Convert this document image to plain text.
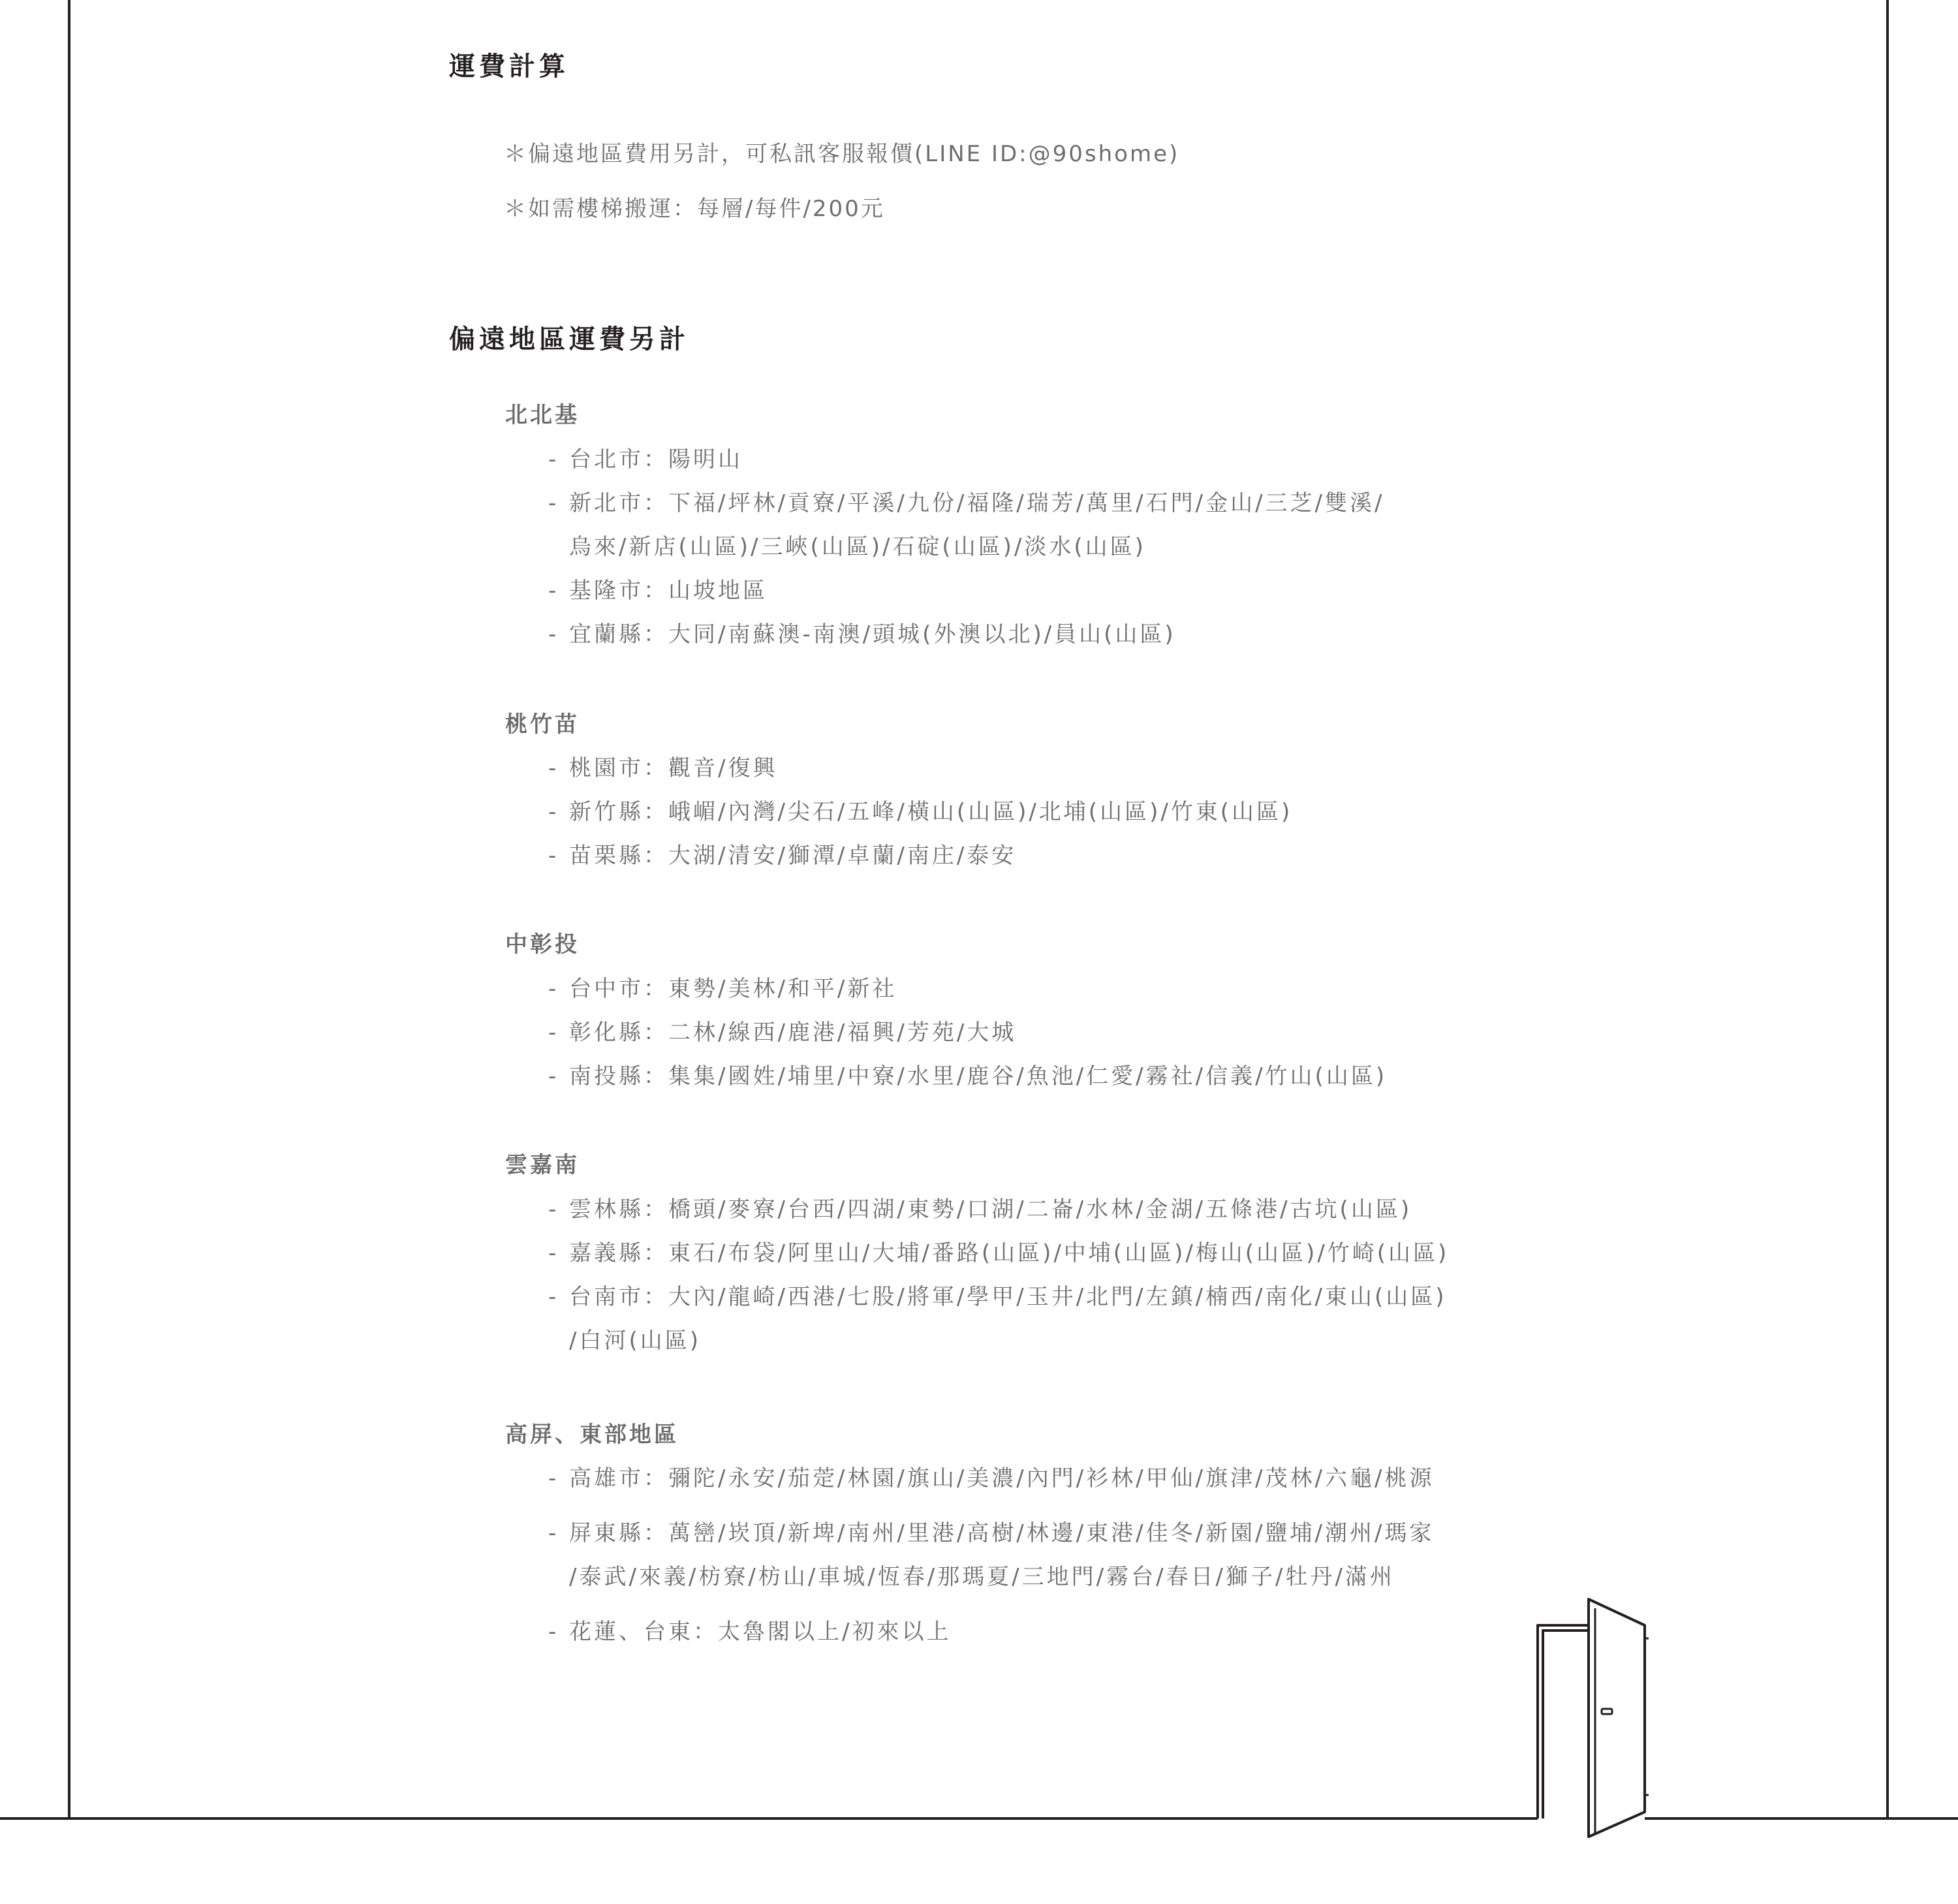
運費計算
＊偏遠地區費用另計，可私訊客服報價(LINE ID:@90shome)
＊如需樓梯搬運：每層/每件/200元
偏遠地區運費另計
北北基
- 台北市：陽明山
- 新北市：下福/坪林/貢寮/平溪/九份/福隆/瑞芳/萬里/石門/金山/三芝/雙溪/
烏來/新店(山區)/三峽(山區)/石碇(山區)/淡水(山區)
- 基隆市：山坡地區
- 宜蘭縣：大同/南蘇澳-南澳/頭城(外澳以北)/員山(山區)
桃竹苗
- 桃園市：觀音/復興
- 新竹縣：峨嵋/內灣/尖石/五峰/橫山(山區)/北埔(山區)/竹東(山區)
- 苗栗縣：大湖/清安/獅潭/卓蘭/南庄/泰安
中彰投
- 台中市：東勢/美林/和平/新社
- 彰化縣：二林/線西/鹿港/福興/芳苑/大城
- 南投縣：集集/國姓/埔里/中寮/水里/鹿谷/魚池/仁愛/霧社/信義/竹山(山區)
雲嘉南
- 雲林縣：橋頭/麥寮/台西/四湖/東勢/口湖/二崙/水林/金湖/五條港/古坑(山區)
- 嘉義縣：東石/布袋/阿里山/大埔/番路(山區)/中埔(山區)/梅山(山區)/竹崎(山區)
- 台南市：大內/龍崎/西港/七股/將軍/學甲/玉井/北門/左鎮/楠西/南化/東山(山區)
/白河(山區)
高屏、東部地區
- 高雄市：彌陀/永安/茄萣/林園/旗山/美濃/內門/衫林/甲仙/旗津/茂林/六龜/桃源
- 屏東縣：萬巒/崁頂/新埤/南州/里港/高樹/林邊/東港/佳冬/新園/鹽埔/潮州/瑪家
/泰武/來義/枋寮/枋山/車城/恆春/那瑪夏/三地門/霧台/春日/獅子/牡丹/滿州
- 花蓮、台東：太魯閣以上/初來以上
